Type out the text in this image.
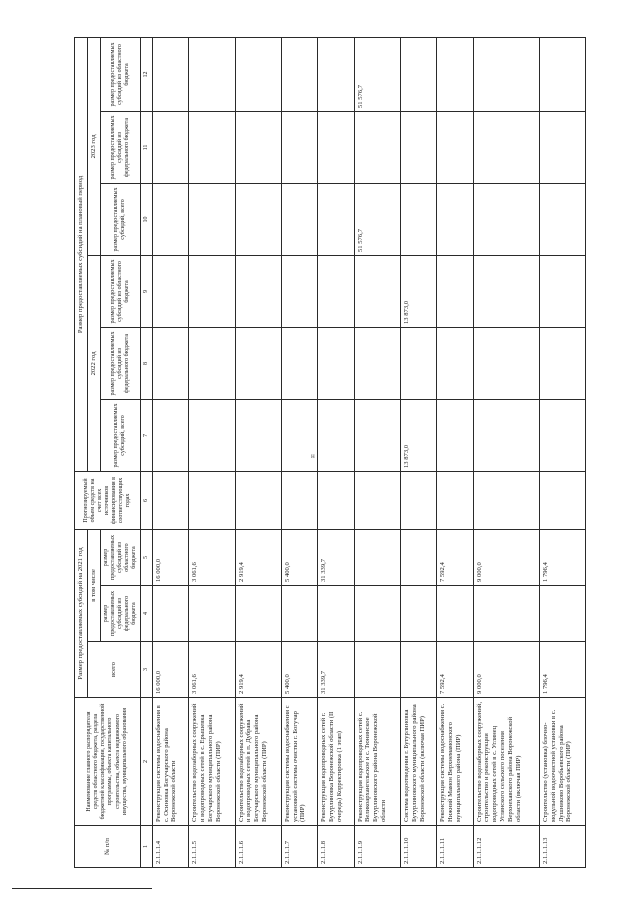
н
№ п/п	Наименование главного распорядителя средств областного бюджета, раздела бюджетной классификации, государственной программы, объекта капитального строительства, объекта недвижимого имущества, муниципального образования	Размер предоставляемых субсидий на 2021 год			Прогнозируемый объем средств на счет всех источников финансирования в соответствующих годах	Размер предоставляемых субсидий на плановый период					
		всего	в том числе			2022 год			2023 год		
			размер предоставляемых субсидий из федерального бюджета	размер предоставляемых субсидий из областного бюджета		размер предоставляемых субсидий, всего	размер предоставляемых субсидий из федерального бюджета	размер предоставляемых субсидий из областного бюджета	размер предоставляемых субсидий, всего	размер предоставляемых субсидий из федерального бюджета	размер предоставляемых субсидий из областного бюджета

1	2	3	4	5	6	7	8	9	10	11	12
2.1.1.1.4	Реконструкция системы водоснабжения в с. Осиновка Богучарского района Воронежской области	16 000,0		16 000,0							
2.1.1.1.5	Строительство водозаборных сооружений и водопроводных сетей в с. Ерышевка Богучарского муниципального района Воронежской области (ПИР)	3 061,6		3 061,6							
2.1.1.1.6	Строительство водозаборных сооружений и водопроводных сетей в п. Дубрава Богучарского муниципального района Воронежской области (ПИР)	2 919,4		2 919,4							
2.1.1.1.7	Реконструкция системы водоснабжения с установкой системы очистки г. Богучар (ПИР)	5 400,0		5 400,0							
2.1.1.1.8	Реконструкция водопроводных сетей г. Бутурлиновка Воронежской области (II очередь) Корректировка (1 этап)	31 339,7		31 339,7							
2.1.1.1.9	Реконструкция водопроводных сетей с. Великоархангельское и с. Тюнинское Бутурлиновского района Воронежской области								51 576,7		51 576,7
2.1.1.1.10	Система водоотведения г. Бутурлиновка Бутурлиновского муниципального района Воронежской области (включая ПИР)					13 873,0		13 873,0			
2.1.1.1.11	Реконструкция системы водоснабжения с. Нижний Мамон Верхнемамонского муниципального района (ПИР)	7 592,4		7 592,4							
2.1.1.1.12	Строительство водозаборных сооружений, строительство и реконструкция водопроводных сетей в с. Углянец Углянского сельского поселения Верхнехавского района Воронежской области (включая ПИР)	9 000,0		9 000,0							
2.1.1.1.13	Строительство (установка) блочно-модульной водоочистной установки в с. Лушниково Воробьевского района Воронежской области (ПИР)	1 796,4		1 796,4							
